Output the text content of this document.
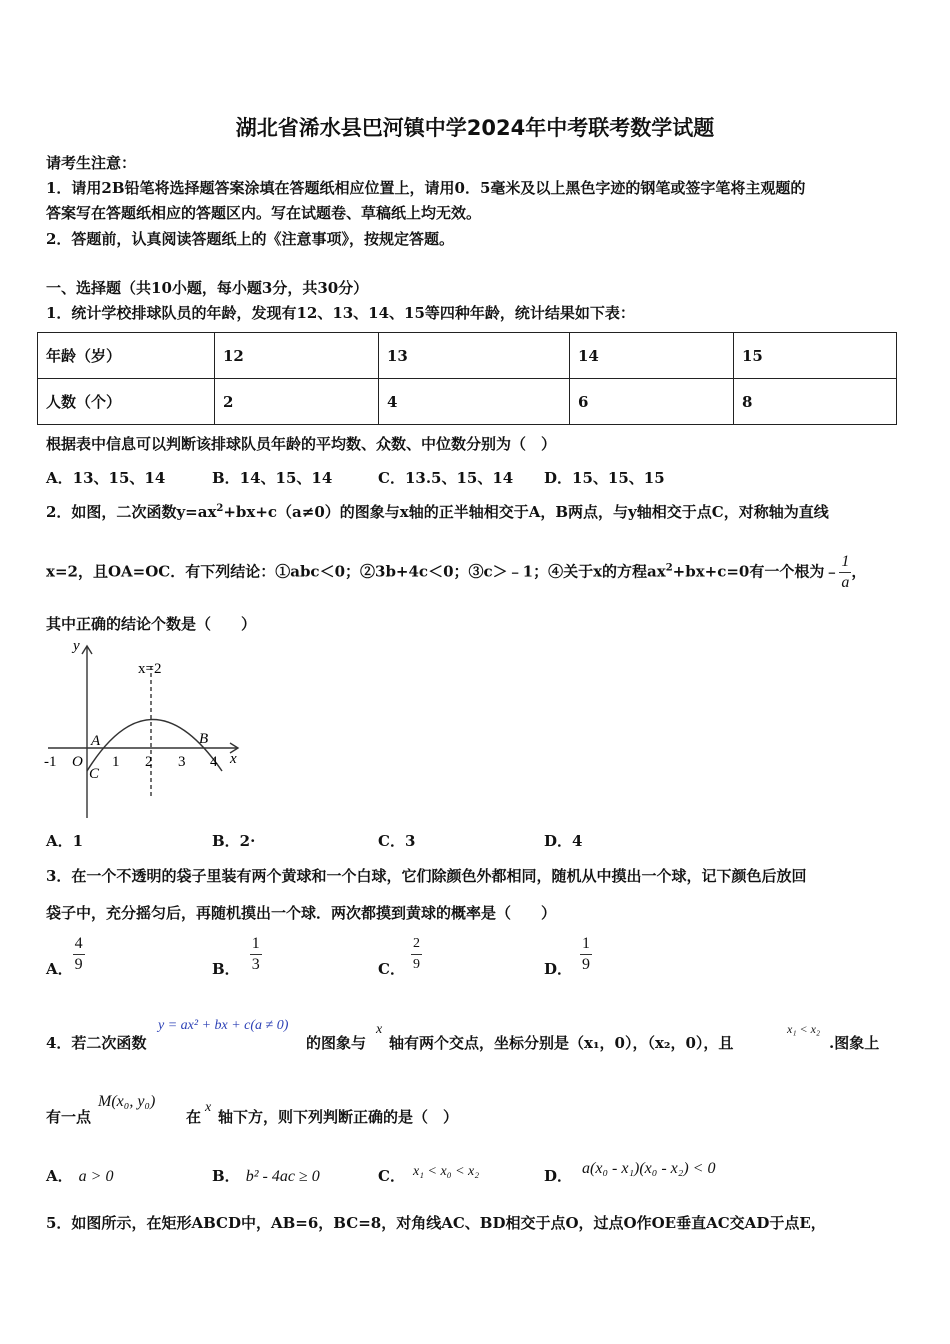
湖北省浠水县巴河镇中学2024年中考联考数学试题
请考生注意：
1．请用2B铅笔将选择题答案涂填在答题纸相应位置上，请用0．5毫米及以上黑色字迹的钢笔或签字笔将主观题的
答案写在答题纸相应的答题区内。写在试题卷、草稿纸上均无效。
2．答题前，认真阅读答题纸上的《注意事项》，按规定答题。
一、选择题（共10小题，每小题3分，共30分）
1．统计学校排球队员的年龄，发现有12、13、14、15等四种年龄，统计结果如下表：
年龄（岁）	12	13	14	15
人数（个）	2	4	6	8
根据表中信息可以判断该排球队员年龄的平均数、众数、中位数分别为（　）
A．13、15、14	B．14、15、14	C．13.5、15、14 D．15、15、15
2．如图，二次函数$y=ax^2+bx+c(a\ne 0)$的图象与x轴的正半轴相交于A，B两点，与y轴相交于点C，对称轴为直线
x=2，且OA=OC．有下列结论：①abc＜0；②3b+4c＜0；③c＞﹣1；④关于x的方程$ax^2+bx+c=0$有一个根为﹣ $\frac{1}{a}$ ，
其中正确的结论个数是（　　）
y
x
x=2
A	B
C
O
-1	1 2 3 4
A．1	B．2·	C．3	D．4
3．在一个不透明的袋子里装有两个黄球和一个白球，它们除颜色外都相同，随机从中摸出一个球，记下颜色后放回
袋子中，充分摇匀后，再随机摸出一个球．两次都摸到黄球的概率是（　　）
A． $\frac{4}{9}$	B． $\frac{1}{3}$	C． $\frac{2}{9}$	D． $\frac{1}{9}$
4．若二次函数
y = ax² + bx + c(a ≠ 0)
的图象与
x
轴有两个交点，坐标分别是（x₁，0），（x₂，0），且
x₁ < x₂
.图象上
有一点
M(x₀, y₀)
在
x
轴下方，则下列判断正确的是（　）
A． a > 0	B． b² - 4ac ≥ 0	C． x₁ < x₀ < x₂	D． a(x₀ - x₁)(x₀ - x₂) < 0
5．如图所示，在矩形ABCD中，AB=6，BC=8，对角线AC、BD相交于点O，过点O作OE垂直AC交AD于点E，
